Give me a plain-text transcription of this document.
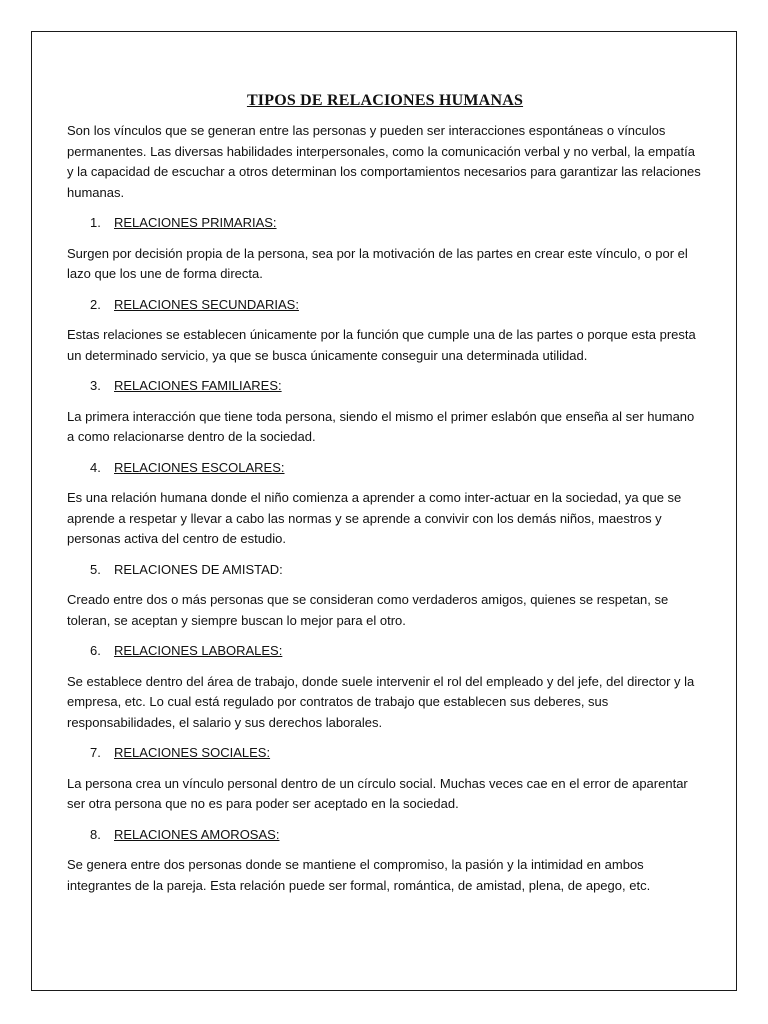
TIPOS DE RELACIONES HUMANAS

Son los vínculos que se generan entre las personas y pueden ser interacciones espontáneas o vínculos permanentes. Las diversas habilidades interpersonales, como la comunicación verbal y no verbal, la empatía y la capacidad de escuchar a otros determinan los comportamientos necesarios para garantizar las relaciones humanas.

1.	RELACIONES PRIMARIAS:

Surgen por decisión propia de la persona, sea por la motivación de las partes en crear este vínculo, o por el lazo que los une de forma directa.

2.	RELACIONES SECUNDARIAS:

Estas relaciones se establecen únicamente por la función que cumple una de las partes o porque esta presta un determinado servicio, ya que se busca únicamente conseguir una determinada utilidad.

3.	RELACIONES FAMILIARES:

La primera interacción que tiene toda persona, siendo el mismo el primer eslabón que enseña al ser humano a como relacionarse dentro de la sociedad.

4.	RELACIONES ESCOLARES:

Es una relación humana donde el niño comienza a aprender a como inter-actuar en la sociedad, ya que se aprende a respetar y llevar a cabo las normas y se aprende a convivir con los demás niños, maestros y personas activa del centro de estudio.

5.	RELACIONES DE AMISTAD:

Creado entre dos o más personas que se consideran como verdaderos amigos, quienes se respetan, se toleran, se aceptan y siempre buscan lo mejor para el otro.

6.	RELACIONES LABORALES:

Se establece dentro del área de trabajo, donde suele intervenir el rol del empleado y del jefe, del director y la empresa, etc. Lo cual está regulado por contratos de trabajo que establecen sus deberes, sus responsabilidades, el salario y sus derechos laborales.

7.	RELACIONES SOCIALES:

La persona crea un vínculo personal dentro de un círculo social. Muchas veces cae en el error de aparentar ser otra persona que no es para poder ser aceptado en la sociedad.

8.	RELACIONES AMOROSAS:

Se genera entre dos personas donde se mantiene el compromiso, la pasión y la intimidad en ambos integrantes de la pareja. Esta relación puede ser formal, romántica, de amistad, plena, de apego, etc.
